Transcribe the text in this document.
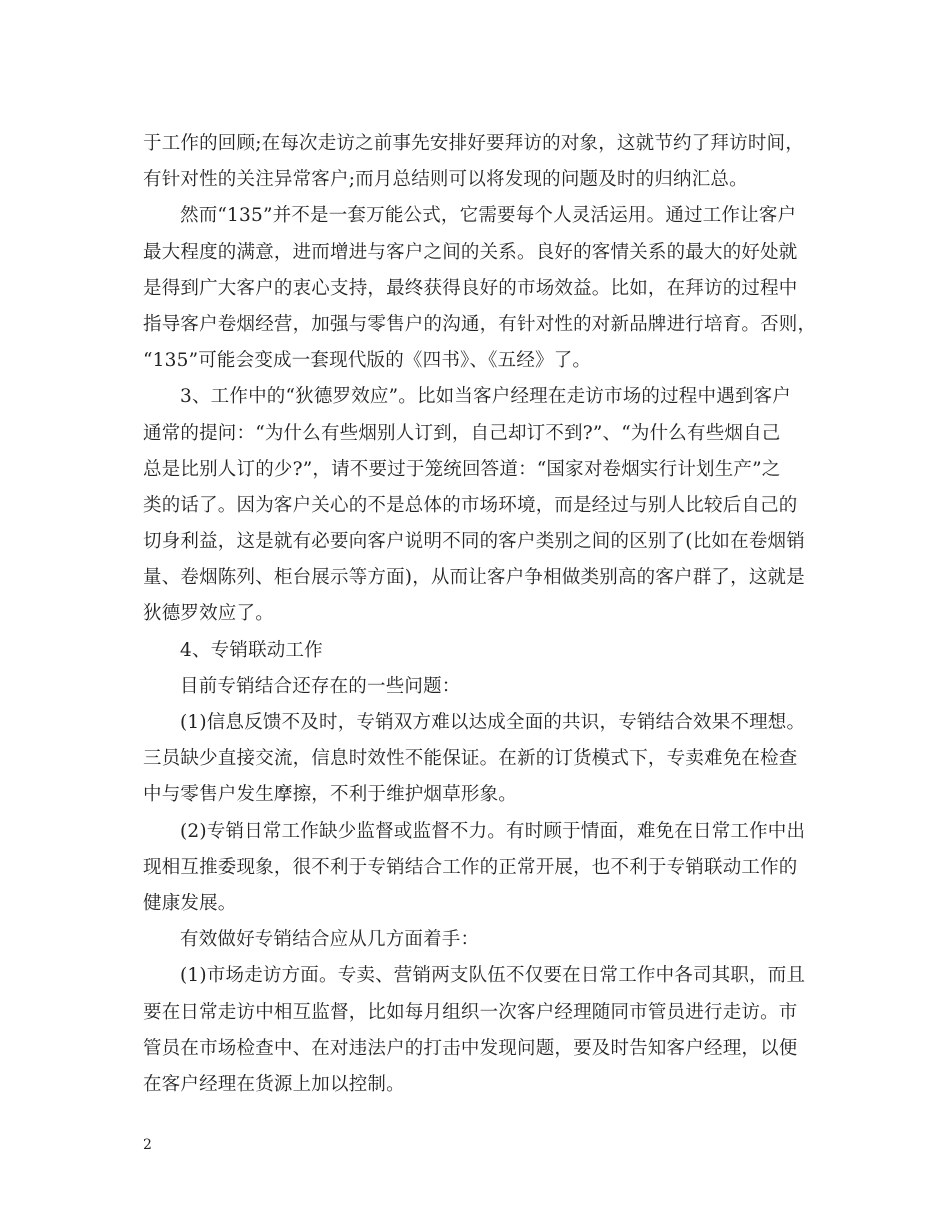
于工作的回顾;在每次走访之前事先安排好要拜访的对象，这就节约了拜访时间，
有针对性的关注异常客户;而月总结则可以将发现的问题及时的归纳汇总。
然而“135”并不是一套万能公式，它需要每个人灵活运用。通过工作让客户
最大程度的满意，进而增进与客户之间的关系。良好的客情关系的最大的好处就
是得到广大客户的衷心支持，最终获得良好的市场效益。比如，在拜访的过程中
指导客户卷烟经营，加强与零售户的沟通，有针对性的对新品牌进行培育。否则，
“135”可能会变成一套现代版的《四书》、《五经》了。
3、工作中的“狄德罗效应”。比如当客户经理在走访市场的过程中遇到客户
通常的提问：“为什么有些烟别人订到，自己却订不到?”、“为什么有些烟自己
总是比别人订的少?”，请不要过于笼统回答道：“国家对卷烟实行计划生产”之
类的话了。因为客户关心的不是总体的市场环境，而是经过与别人比较后自己的
切身利益，这是就有必要向客户说明不同的客户类别之间的区别了(比如在卷烟销
量、卷烟陈列、柜台展示等方面)，从而让客户争相做类别高的客户群了，这就是
狄德罗效应了。
4、专销联动工作
目前专销结合还存在的一些问题：
(1)信息反馈不及时，专销双方难以达成全面的共识，专销结合效果不理想。
三员缺少直接交流，信息时效性不能保证。在新的订货模式下，专卖难免在检查
中与零售户发生摩擦，不利于维护烟草形象。
(2)专销日常工作缺少监督或监督不力。有时顾于情面，难免在日常工作中出
现相互推委现象，很不利于专销结合工作的正常开展，也不利于专销联动工作的
健康发展。
有效做好专销结合应从几方面着手：
(1)市场走访方面。专卖、营销两支队伍不仅要在日常工作中各司其职，而且
要在日常走访中相互监督，比如每月组织一次客户经理随同市管员进行走访。市
管员在市场检查中、在对违法户的打击中发现问题，要及时告知客户经理，以便
在客户经理在货源上加以控制。
2
